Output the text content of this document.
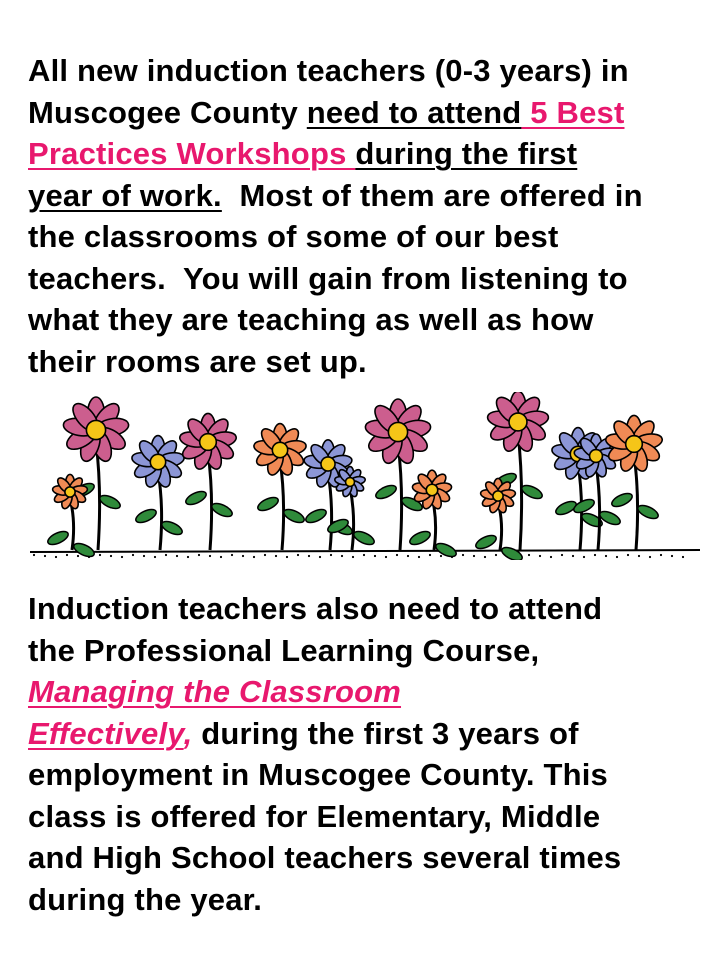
All new induction teachers (0-3 years) in
Muscogee County need to attend 5 Best
Practices Workshops during the first
year of work.  Most of them are offered in
the classrooms of some of our best
teachers.  You will gain from listening to
what they are teaching as well as how
their rooms are set up.
Induction teachers also need to attend
the Professional Learning Course,
Managing the Classroom
Effectively, during the first 3 years of
employment in Muscogee County. This
class is offered for Elementary, Middle
and High School teachers several times
during the year.
